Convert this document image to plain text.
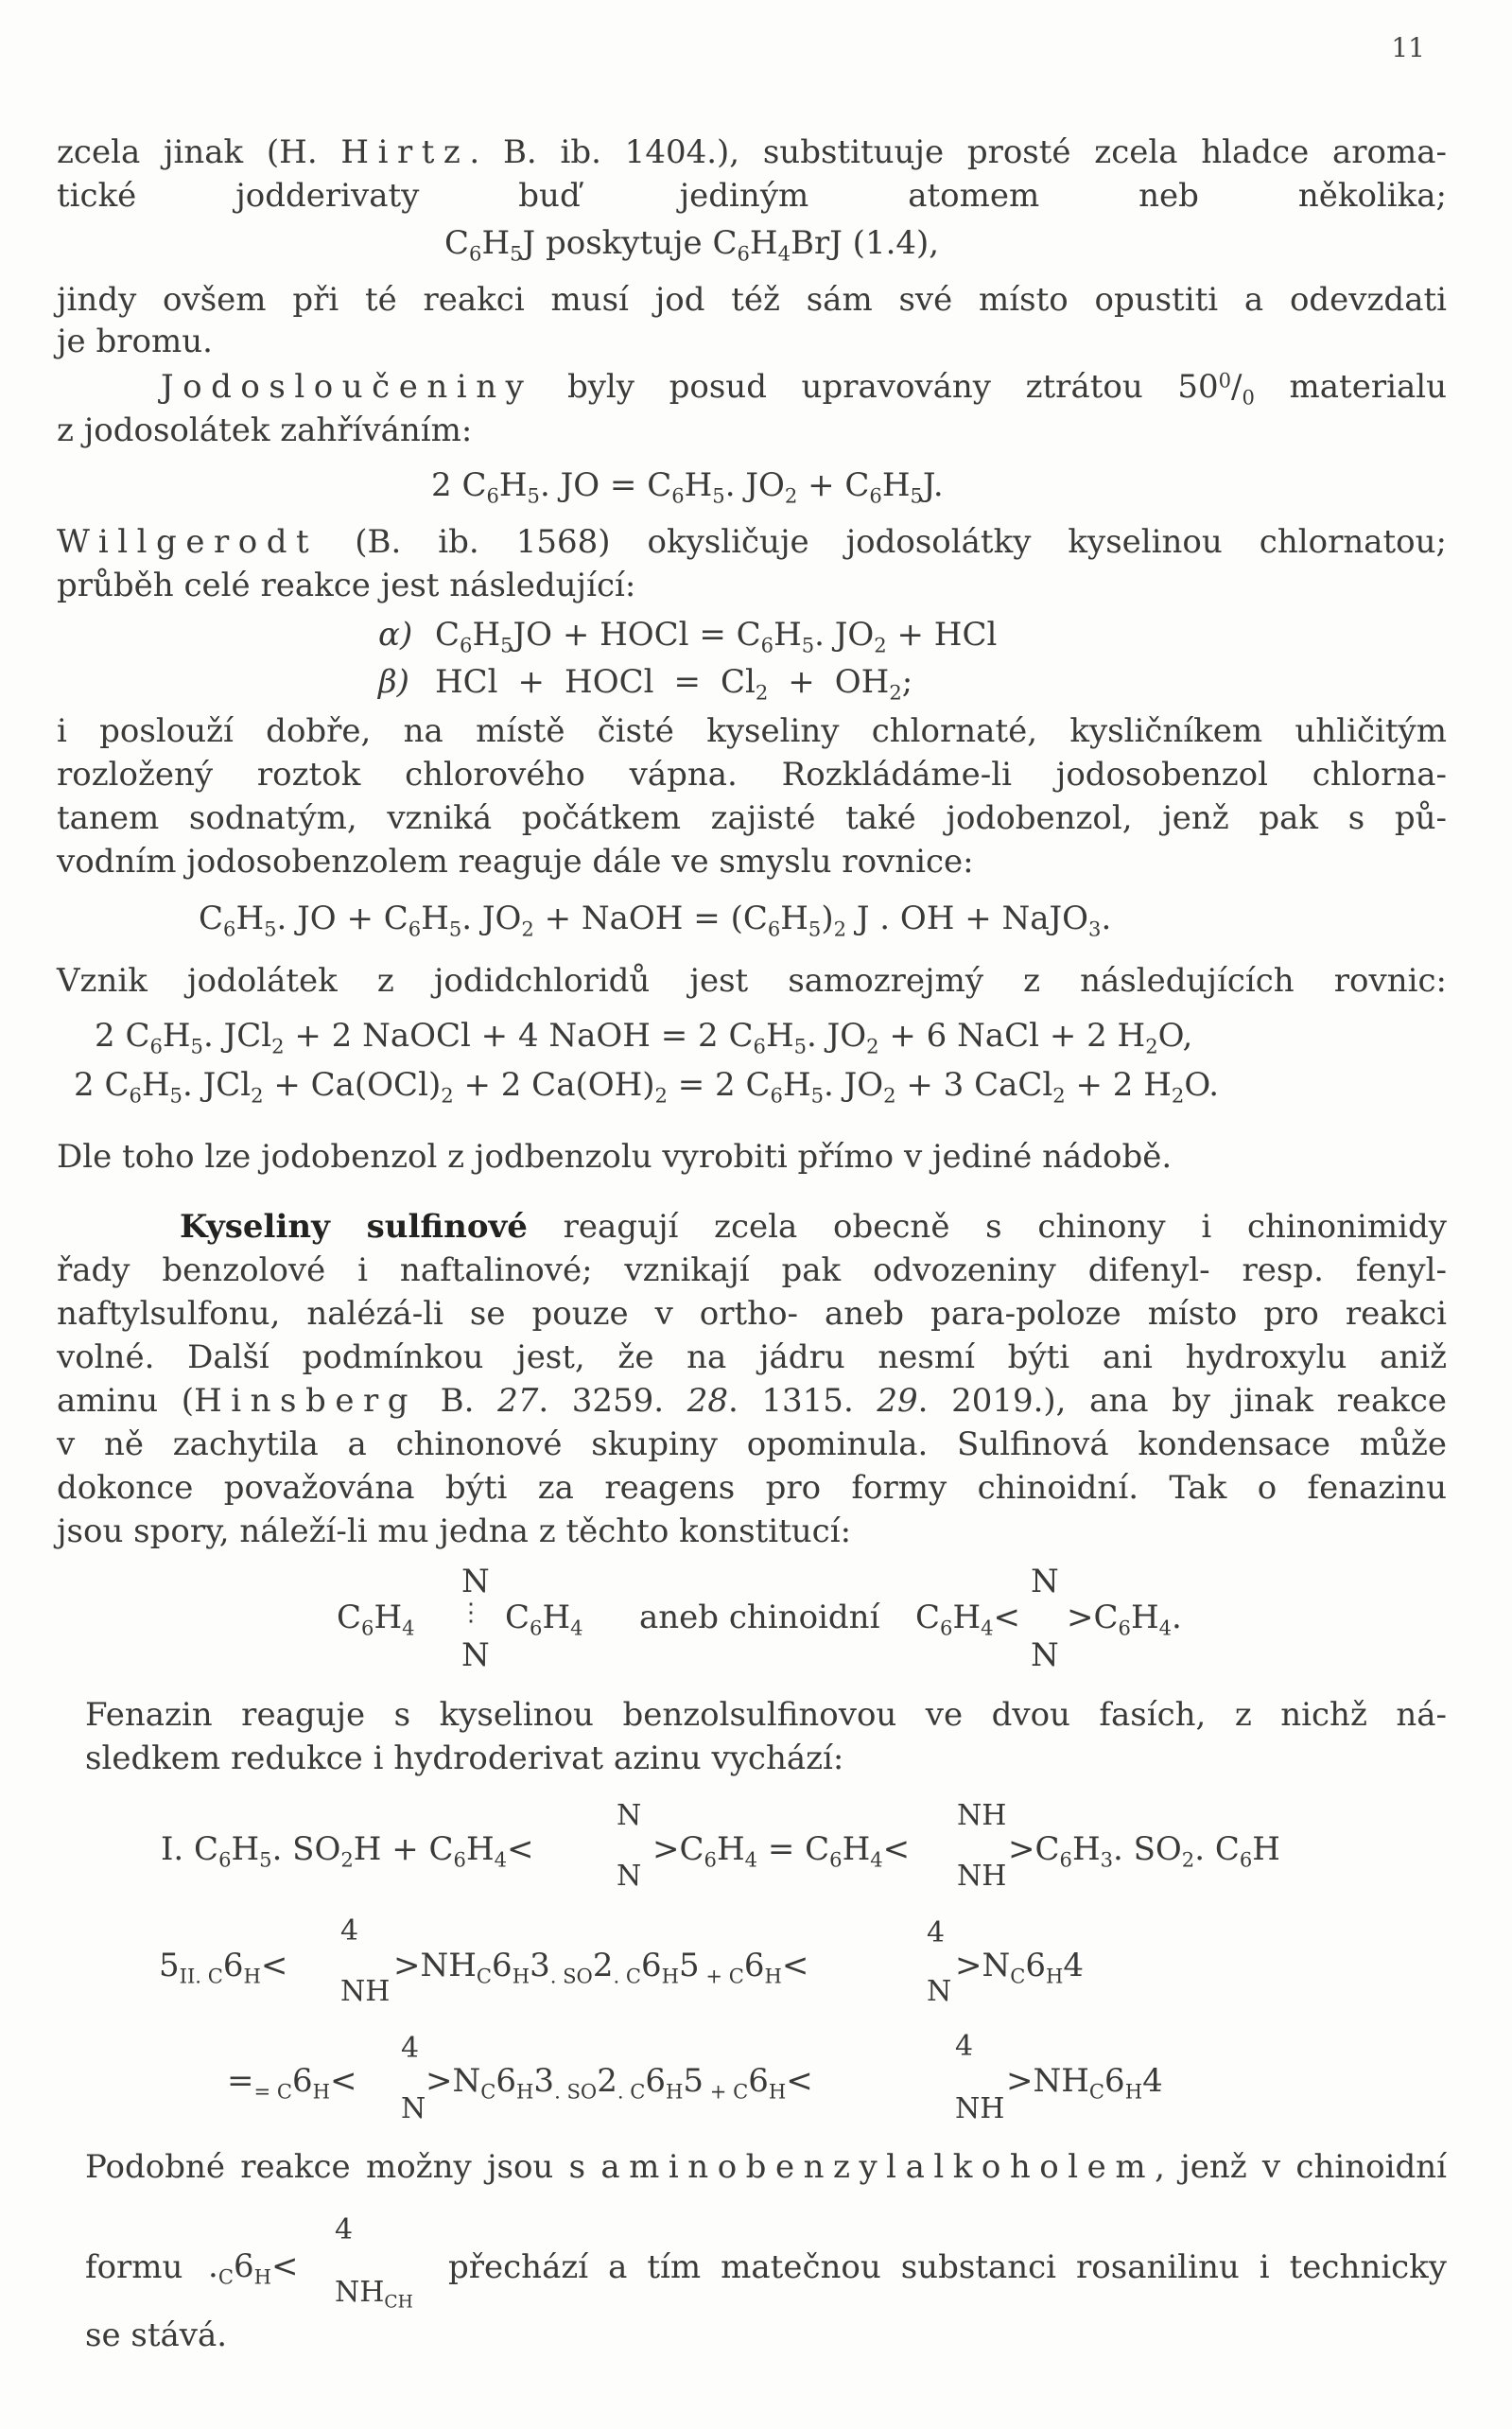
11
zcela jinak (H. Hirtz. B. ib. 1404.), substituuje prosté zcela hladce aroma-
tické jodderivaty buď jediným atomem neb několika;
$C_6H_5J$ poskytuje $C_6H_4BrJ$ (1.4),
jindy ovšem při té reakci musí jod též sám své místo opustiti a odevzdati
je bromu.
Jodosloučeniny byly posud upravovány ztrátou $50^0/_0$ materialu
z jodosolátek zahříváním:
2 $C_6H_5$. JO = $C_6H_5$. $JO_2 + C_6H_5J$.
Willgerodt (B. ib. 1568) okysličuje jodosolátky kyselinou chlornatou;
průběh celé reakce jest následující:
α) $C_6H_5JO$ + HOCl = $C_6H_5$. $JO_2$ + HCl
β) HCl + HOCl = $Cl_2 + OH_2$;
i poslouží dobře, na místě čisté kyseliny chlornaté, kysličníkem uhličitým
rozložený roztok chlorového vápna. Rozkládáme-li jodosobenzol chlorna-
tanem sodnatým, vzniká počátkem zajisté také jodobenzol, jenž pak s pů-
vodním jodosobenzolem reaguje dále ve smyslu rovnice:
$C_6H_5$. JO + $C_6H_5$. $JO_2$ + NaOH = $(C_6H_5)_2$ J . OH + NaJO$_3$.
Vznik jodolátek z jodidchloridů jest samozrejmý z následujících rovnic:
2 $C_6H_5$. JCl$_2$ + 2 NaOCl + 4 NaOH = 2 $C_6H_5$. $JO_2 + 6$ NaCl + 2 $H_2O$,
2 $C_6H_5$. $JCl_2 + Ca(OCl)_2 + 2$ $Ca(OH)_2 = 2$ $C_6H_5$. $JO_2 + 3$ CaCl$_2$ + 2 $H_2O$.
Dle toho lze jodobenzol z jodbenzolu vyrobiti přímo v jediné nádobě.
Kyseliny sulfinové reagují zcela obecně s chinony i chinonimidy
řady benzolové i naftalinové; vznikají pak odvozeniny difenyl- resp. fenyl-
naftylsulfonu, nalézá-li se pouze v ortho- aneb para-poloze místo pro reakci
volné. Další podmínkou jest, že na jádru nesmí býti ani hydroxylu aniž
aminu (Hinsberg B. 27. 3259. 28. 1315. 29. 2019.), ana by jinak reakce
v ně zachytila a chinonové skupiny opominula. Sulfinová kondensace může
dokonce považována býti za reagens pro formy chinoidní. Tak o fenazinu
jsou spory, náleží-li mu jedna z těchto konstitucí:
N
$C_6H_4$
⋮ $C_6H_4$
N
aneb chinoidní $C_6H_4<$
N
N
$>C_6H_4$.
Fenazin reaguje s kyselinou benzolsulfinovou ve dvou fasích, z nichž ná-
sledkem redukce i hydroderivat azinu vychází:
I. $C_6H_5$. $SO_2H + C_6H_4<$
N
N
$>C_6H_4 = C_6H_4<$
NH
NH
$>C_6H_3$. $SO_2$. $C_6H$
$5_{II. C}6_H<$
4
NH
$>NH_C6_H3_{. SO}2_{. C}6_H5$ $_{+ C}6_H<$
4
N
$>N_C6_H4$
$=_{= C}6_H<$
4
N
$>N_C6_H3_{. SO}2_{. C}6_H5$ $_{+ C}6_H<$
4
NH
$>NH_C6_H4$
Podobné reakce možny jsou s aminobenzylalkoholem, jenž v chinoidní
formu $._C6_H<$
4
$NH_{CH}$
přechází a tím matečnou substanci rosanilinu i technicky
se stává.
